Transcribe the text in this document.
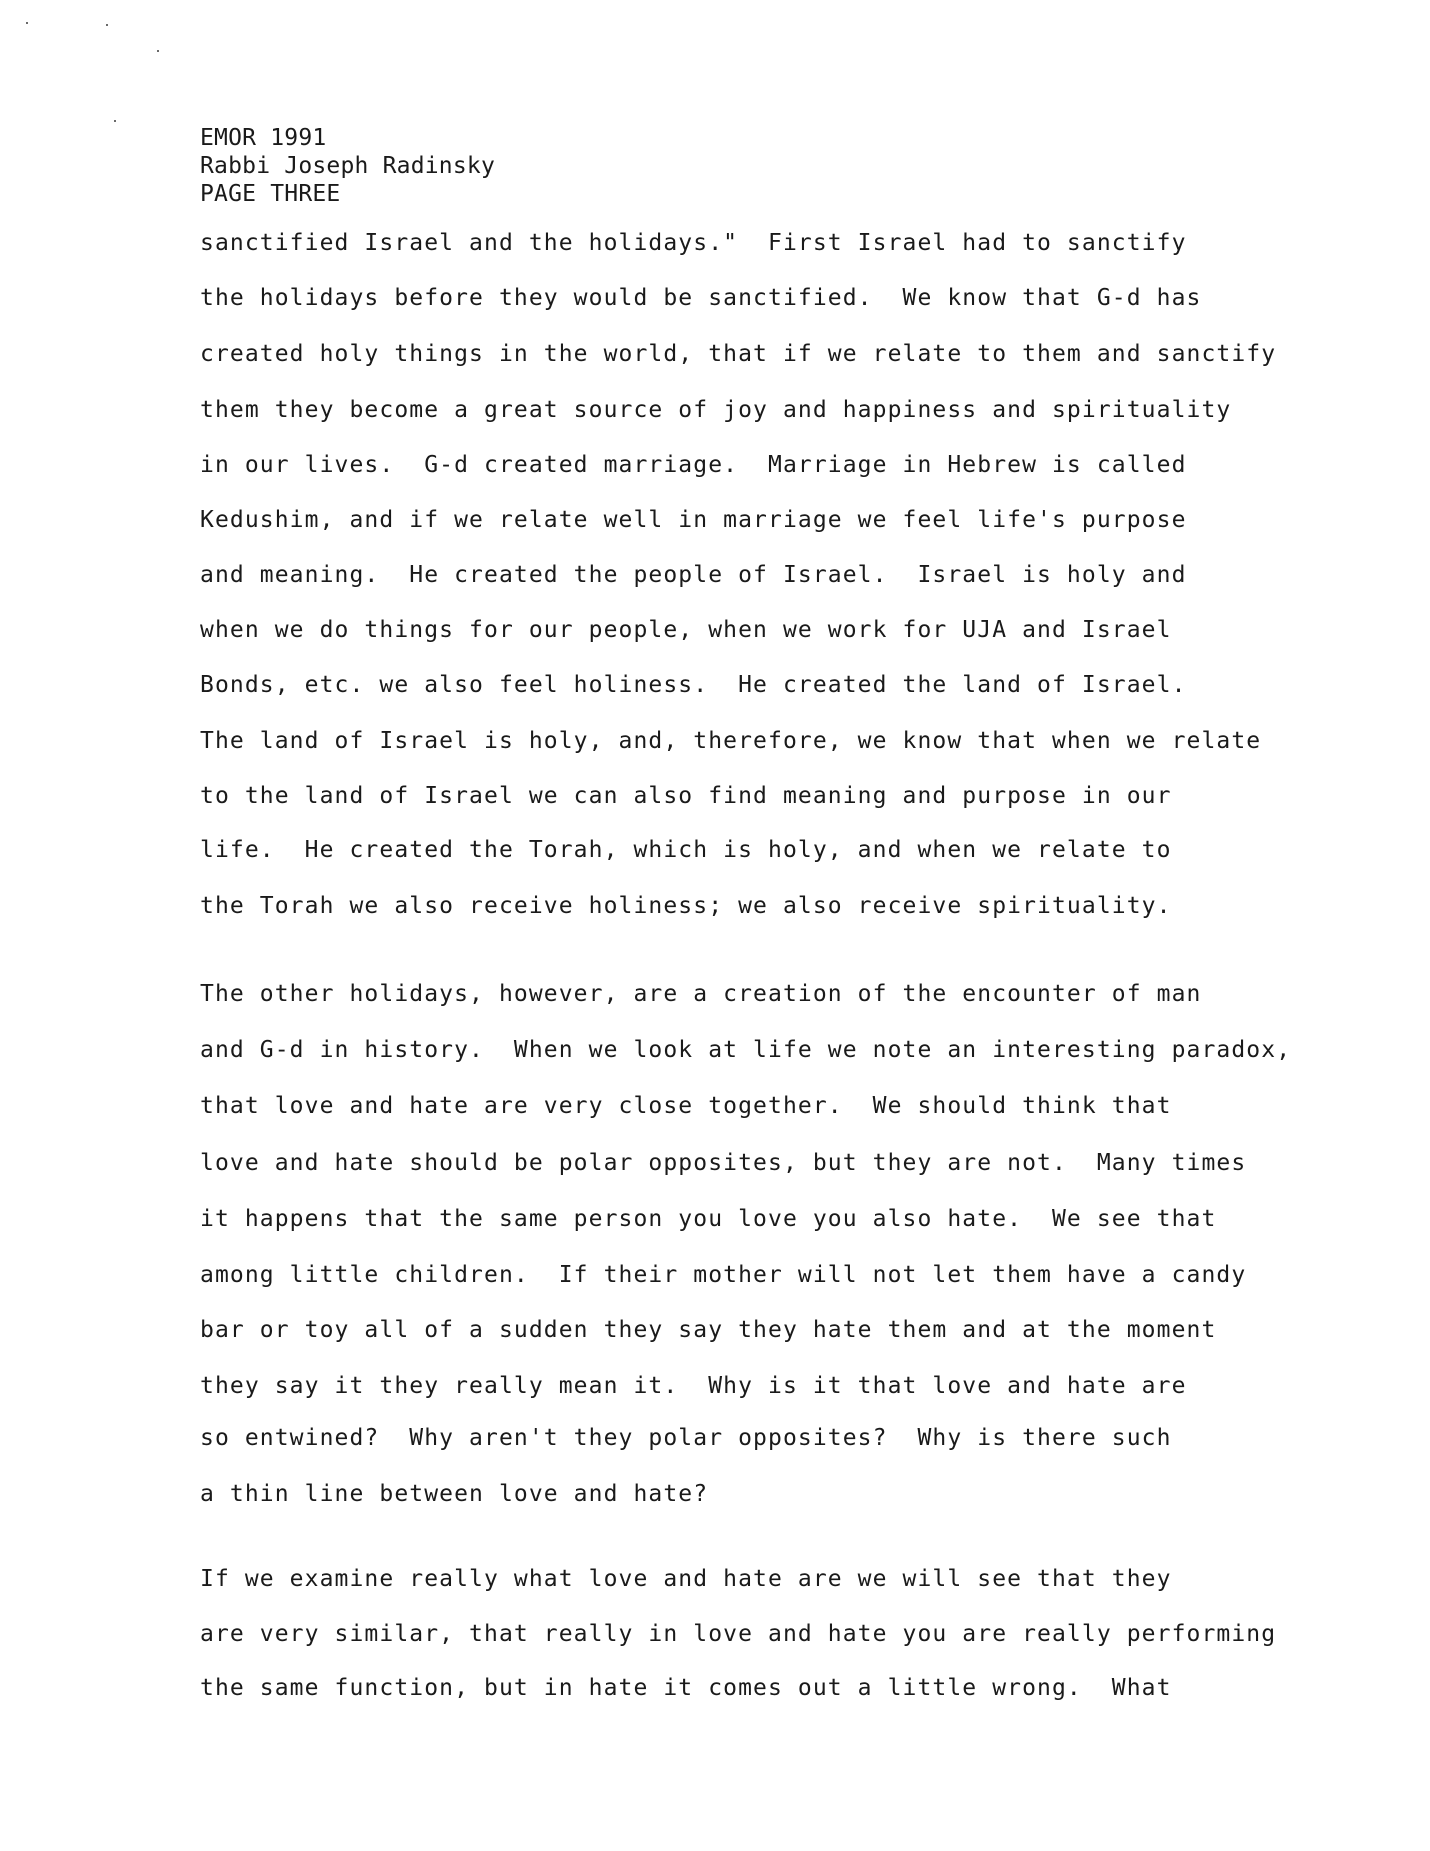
EMOR 1991
Rabbi Joseph Radinsky
PAGE THREE
sanctified Israel and the holidays."  First Israel had to sanctify
the holidays before they would be sanctified.  We know that G-d has
created holy things in the world, that if we relate to them and sanctify
them they become a great source of joy and happiness and spirituality
in our lives.  G-d created marriage.  Marriage in Hebrew is called
Kedushim, and if we relate well in marriage we feel life's purpose
and meaning.  He created the people of Israel.  Israel is holy and
when we do things for our people, when we work for UJA and Israel
Bonds, etc. we also feel holiness.  He created the land of Israel.
The land of Israel is holy, and, therefore, we know that when we relate
to the land of Israel we can also find meaning and purpose in our
life.  He created the Torah, which is holy, and when we relate to
the Torah we also receive holiness; we also receive spirituality.
The other holidays, however, are a creation of the encounter of man
and G-d in history.  When we look at life we note an interesting paradox,
that love and hate are very close together.  We should think that
love and hate should be polar opposites, but they are not.  Many times
it happens that the same person you love you also hate.  We see that
among little children.  If their mother will not let them have a candy
bar or toy all of a sudden they say they hate them and at the moment
they say it they really mean it.  Why is it that love and hate are
so entwined?  Why aren't they polar opposites?  Why is there such
a thin line between love and hate?
If we examine really what love and hate are we will see that they
are very similar, that really in love and hate you are really performing
the same function, but in hate it comes out a little wrong.  What
